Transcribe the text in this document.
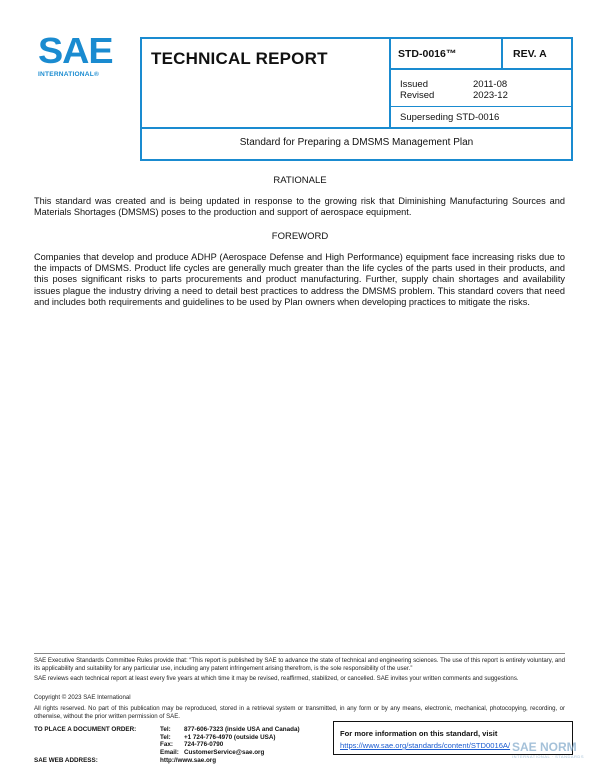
SAE
INTERNATIONAL®
TECHNICAL REPORT	STD-0016™	REV. A
Issued	2011-08
Revised	2023-12
Superseding STD-0016
Standard for Preparing a DMSMS Management Plan
RATIONALE
This standard was created and is being updated in response to the growing risk that Diminishing Manufacturing Sources and Materials Shortages (DMSMS) poses to the production and support of aerospace equipment.
FOREWORD
Companies that develop and produce ADHP (Aerospace Defense and High Performance) equipment face increasing risks due to the impacts of DMSMS. Product life cycles are generally much greater than the life cycles of the parts used in their products, and this poses significant risks to parts procurements and product manufacturing. Further, supply chain shortages and availability issues plague the industry driving a need to detail best practices to address the DMSMS problem. This standard covers that need and includes both requirements and guidelines to be used by Plan owners when developing practices to mitigate the risks.
SAE Executive Standards Committee Rules provide that: “This report is published by SAE to advance the state of technical and engineering sciences. The use of this report is entirely voluntary, and its applicability and suitability for any particular use, including any patent infringement arising therefrom, is the sole responsibility of the user.”
SAE reviews each technical report at least every five years at which time it may be revised, reaffirmed, stabilized, or cancelled. SAE invites your written comments and suggestions.
Copyright © 2023 SAE International
All rights reserved. No part of this publication may be reproduced, stored in a retrieval system or transmitted, in any form or by any means, electronic, mechanical, photocopying, recording, or otherwise, without the prior written permission of SAE.
TO PLACE A DOCUMENT ORDER:	Tel: 877-606-7323 (inside USA and Canada)
Tel: +1 724-776-4970 (outside USA)
Fax: 724-776-0790
Email: CustomerService@sae.org
SAE WEB ADDRESS:	http://www.sae.org
For more information on this standard, visit
https://www.sae.org/standards/content/STD0016A/ SAE NORM
INTERNATIONAL · STANDARDS
